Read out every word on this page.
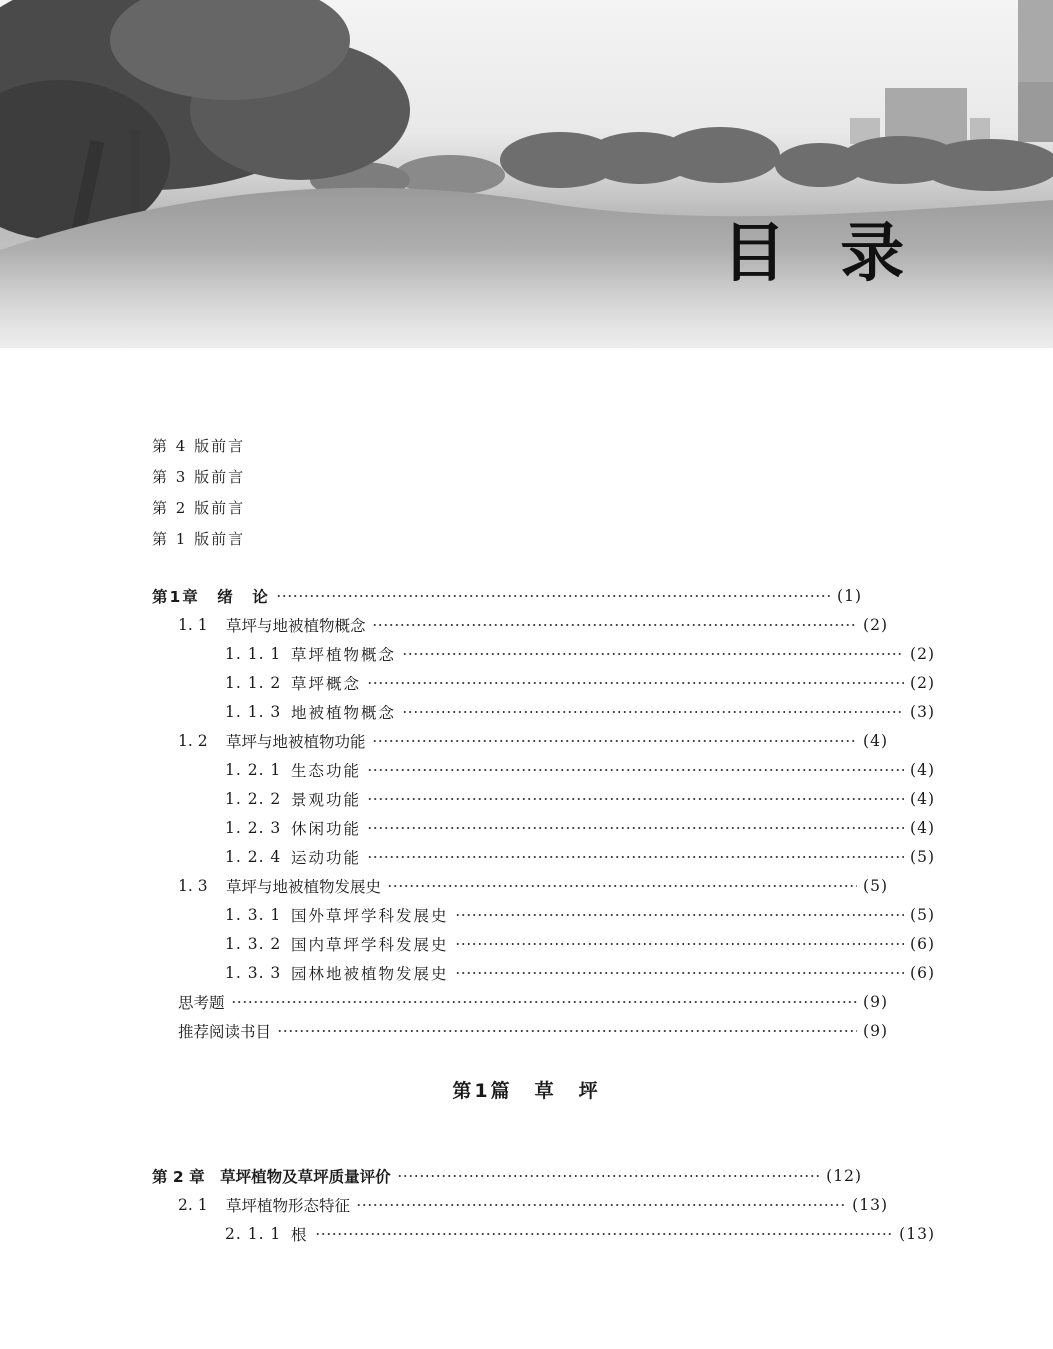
目 录
第 4 版前言
第 3 版前言
第 2 版前言
第 1 版前言
第1章　绪　论	(1)
1. 1	草坪与地被植物概念	(2)
1. 1. 1 草坪植物概念	(2)
1. 1. 2 草坪概念	(2)
1. 1. 3 地被植物概念	(3)
1. 2	草坪与地被植物功能	(4)
1. 2. 1 生态功能	(4)
1. 2. 2 景观功能	(4)
1. 2. 3 休闲功能	(4)
1. 2. 4 运动功能	(5)
1. 3	草坪与地被植物发展史	(5)
1. 3. 1 国外草坪学科发展史	(5)
1. 3. 2 国内草坪学科发展史	(6)
1. 3. 3 园林地被植物发展史	(6)
思考题	(9)
推荐阅读书目	(9)
第1篇　草　坪
第 2 章　草坪植物及草坪质量评价	(12)
2. 1	草坪植物形态特征	(13)
2. 1. 1 根	(13)
